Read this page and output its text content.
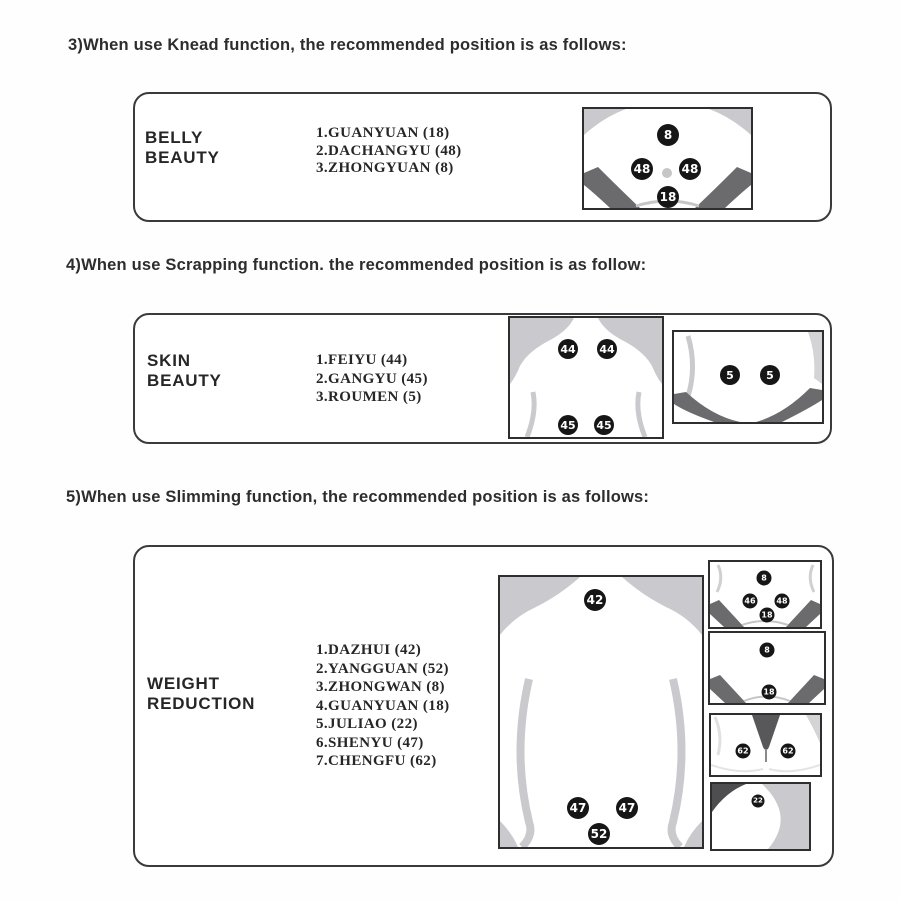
3)When use Knead function, the recommended position is as follows:
BELLY
BEAUTY
1.GUANYUAN (18)
2.DACHANGYU (48)
3.ZHONGYUAN (8)
8
48	48
18
4)When use Scrapping function. the recommended position is as follow:
SKIN
BEAUTY
1.FEIYU (44)
2.GANGYU (45)
3.ROUMEN (5)
44 44
45 45
5	5
5)When use Slimming function, the recommended position is as follows:
WEIGHT
REDUCTION
1.DAZHUI (42)
2.YANGGUAN (52)
3.ZHONGWAN (8)
4.GUANYUAN (18)
5.JULIAO (22)
6.SHENYU (47)
7.CHENGFU (62)
42
47	47
52
8
46	48
18
8
18
62	62
22
